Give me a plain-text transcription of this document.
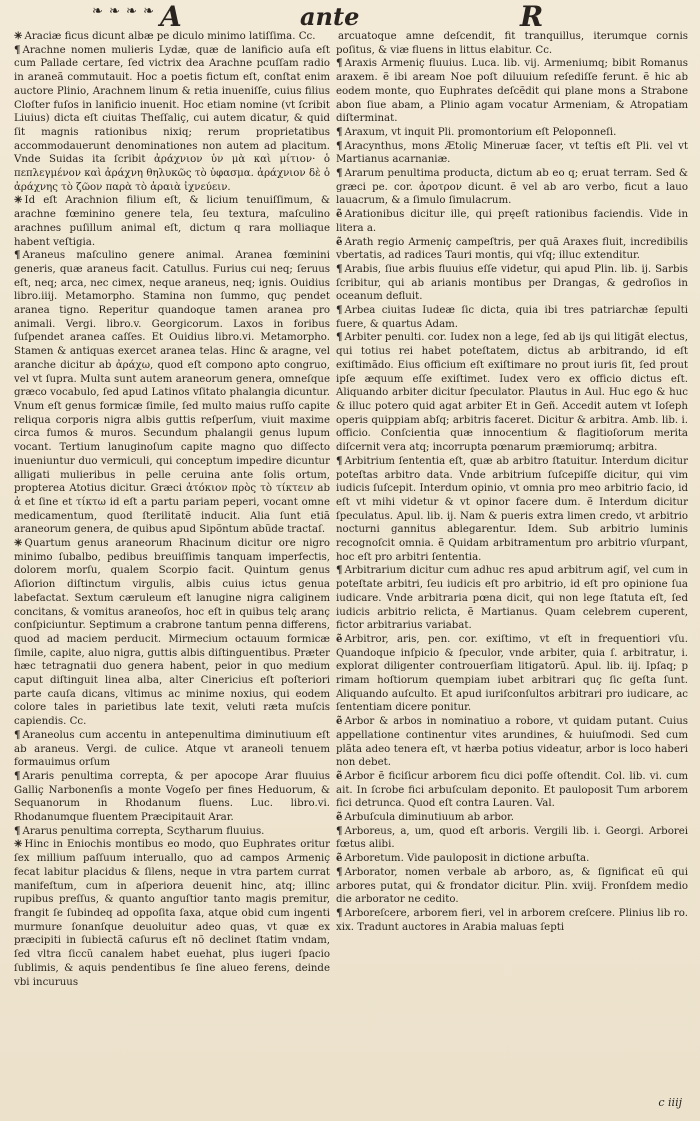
❧ ❧ ❧ ❧ A	ante	R

✳ Araciæ ficus dicunt albæ pe diculo minimo latiſſima. Cc.

¶ Arachne nomen mulieris Lydæ, quæ de lanificio auſa eſt cum Pallade certare, ſed victrix dea Arachne pcuſſam radio in araneã commutauit. Hoc a poetis fictum eſt, conſtat enim auctore Plinio, Arachnem linum & retia inueniſſe, cuius filius Cloſter fuſos in lanificio inuenit. Hoc etiam nomine (vt ſcribit Liuius) dicta eſt ciuitas Theſſaliç, cui autem dicatur, & quid ſit magnis rationibus nixiq; rerum proprietatibus accommodauerunt denominationes non autem ad placitum. Vnde Suidas ita ſcribit ἀράχνιον ὑν μὰ καὶ μίτιον· ὁ πεπλεγμένον καὶ ἀράχνη θηλυκῶς τὸ ὑφασμα. ἀράχνιον δὲ ὁ ἀράχνης τὸ ζῶον παρὰ τὸ ἀραιὰ ἰχνεύειν.

✳ Id eſt Arachnion filium eſt, & licium tenuiſſimum, & arachne fœminino genere tela, ſeu textura, maſculino arachnes puſillum animal eſt, dictum q rara molliaque habent veſtigia.

¶ Araneus maſculino genere animal. Aranea fœminini generis, quæ araneus facit. Catullus. Furius cui neq; ſeruus eſt, neq; arca, nec cimex, neque araneus, neq; ignis. Ouidius libro.iiij. Metamorpho. Stamina non ſummo, quç pendet aranea tigno. Reperitur quandoque tamen aranea pro animali. Vergi. libro.v. Georgicorum. Laxos in foribus ſuſpendet aranea caſſes. Et Ouidius libro.vi. Metamorpho. Stamen & antiquas exercet aranea telas. Hinc & aragne, vel aranche dicitur ab ἀράχω, quod eſt compono apto congruo, vel vt ſupra. Multa sunt autem araneorum genera, omneſque græco vocabulo, ſed apud Latinos vſitato phalangia dicuntur. Vnum eſt genus formicæ ſimile, ſed multo maius ruſſo capite reliqua corporis nigra albis guttis reſperſum, viuit maxime circa fumos & muros. Secundum phalangii genus lupum vocant. Tertium lanuginoſum capite magno quo diſſecto inueniuntur duo vermiculi, qui conceptum impedire dicuntur alligati mulieribus in pelle ceruina ante ſolis ortum, propterea Atotius dicitur. Græci ἀτόκιον πρὸς τὸ τίκτειν ab ἀ et ſine et τίκτω id eſt a partu pariam peperi, vocant omne medicamentum, quod ſterilitatẽ inducit. Alia ſunt etiã araneorum genera, de quibus apud Sipõntum abũde tractaſ.

✳ Quartum genus araneorum Rhacinum dicitur ore nigro minimo ſubalbo, pedibus breuiſſimis tanquam imperfectis, dolorem morſu, qualem Scorpio facit. Quintum genus Aſiorion diſtinctum virgulis, albis cuius ictus genua labefactat. Sextum cæruleum eſt lanugine nigra caliginem concitans, & vomitus araneoſos, hoc eſt in quibus telç aranç conſpiciuntur. Septimum a crabrone tantum penna differens, quod ad maciem perducit. Mirmecium octauum formicæ ſimile, capite, aluo nigra, guttis albis diſtinguentibus. Præter hæc tetragnatii duo genera habent, peior in quo medium caput diſtinguit linea alba, alter Cinericius eſt poſteriori parte cauſa dicans, vltimus ac minime noxius, qui eodem colore tales in parietibus late texit, veluti ræta muſcis capiendis. Cc.

¶ Araneolus cum accentu in antepenultima diminutiuum eſt ab araneus. Vergi. de culice. Atque vt araneoli tenuem formauimus orſum

¶ Araris penultima correpta, & per apocope Arar fluuius Galliç Narbonenſis a monte Vogeſo per fines Heduorum, & Sequanorum in Rhodanum fluens. Luc. libro.vi. Rhodanumque fluentem Præcipitauit Arar.

¶ Ararus penultima correpta, Scytharum fluuius.

✳ Hinc in Eniochis montibus eo modo, quo Euphrates oritur ſex millium paſſuum interuallo, quo ad campos Armeniç fecat labitur placidus & ſilens, neque in vtra partem currat manifeſtum, cum in aſperiora deuenit hinc, atq; illinc rupibus preſſus, & quanto anguſtior tanto magis premitur, frangit ſe ſubindeq ad oppoſita ſaxa, atque obid cum ingenti murmure ſonanſque deuoluitur adeo quas, vt quæ ex præcipiti in ſubiectã caſurus eſt nõ declinet ſtatim vndam, ſed vltra ſiccũ canalem habet euehat, plus iugeri ſpacio ſublimis, & aquis pendentibus ſe ſine alueo ferens, deinde vbi incuruus

arcuatoque amne deſcendit, fit tranquillus, iterumque cornis poſitus, & viæ fluens in littus elabitur. Cc.

¶ Araxis Armeniç fluuius. Luca. lib. vij. Armeniumq; bibit Romanus araxem. ẽ ibi aream Noe poſt diluuium reſediſſe ferunt. ẽ hic ab eodem monte, quo Euphrates deſcẽdit qui plane mons a Strabone abon ſiue abam, a Plinio agam vocatur Armeniam, & Atropatiam diſterminat.

¶ Araxum, vt inquit Pli. promontorium eſt Peloponneſi.

¶ Aracynthus, mons Ætoliç Mineruæ ſacer, vt teſtis eſt Pli. vel vt Martianus acarnaniæ.

¶ Ararum penultima producta, dictum ab eo q; eruat terram. Sed & græci pe. cor. ἀροτρον dicunt. ẽ vel ab aro verbo, ficut a lauo lauacrum, & a ſimulo ſimulacrum.

ẽ Arationibus dicitur ille, qui pręeſt rationibus faciendis. Vide in litera a.

ẽ Arath regio Armeniç campeſtris, per quã Araxes fluit, incredibilis vbertatis, ad radices Tauri montis, qui vſq; illuc extenditur.

¶ Arabis, ſiue arbis fluuius eſſe videtur, qui apud Plin. lib. ij. Sarbis ſcribitur, qui ab arianis montibus per Drangas, & gedroſios in oceanum defluit.

¶ Arbea ciuitas Iudeæ ſic dicta, quia ibi tres patriarchæ ſepulti fuere, & quartus Adam.

¶ Arbiter penulti. cor. Iudex non a lege, ſed ab ijs qui litigãt electus, qui totius rei habet poteſtatem, dictus ab arbitrando, id eſt exiſtimãdo. Eius officium eſt exiſtimare no prout iuris ſit, ſed prout ipſe æquum eſſe exiſtimet. Iudex vero ex officio dictus eſt. Aliquando arbiter dicitur ſpeculator. Plautus in Aul. Huc ego & huc & illuc potero quid agat arbiter Et in Geñ. Accedit autem vt Ioſeph operis quippiam abſq; arbitris faceret. Dicitur & arbitra. Amb. lib. i. officio. Conſcientia quæ innocentium & flagitioſorum merita diſcernit vera atq; incorrupta pœnarum præmiorumq; arbitra.

¶ Arbitrium ſententia eſt, quæ ab arbitro ſtatuitur. Interdum dicitur poteſtas arbitro data. Vnde arbitrium ſuſcepiſſe dicitur, qui vim iudicis ſuſcepit. Interdum opinio, vt omnia pro meo arbitrio facio, id eſt vt mihi videtur & vt opinor facere dum. ẽ Interdum dicitur ſpeculatus. Apul. lib. ij. Nam & pueris extra limen credo, vt arbitrio nocturni gannitus ablegarentur. Idem. Sub arbitrio luminis recognoſcit omnia. ẽ Quidam arbitramentum pro arbitrio vſurpant, hoc eſt pro arbitri ſententia.

¶ Arbitrarium dicitur cum adhuc res apud arbitrum agiſ, vel cum in poteſtate arbitri, ſeu iudicis eſt pro arbitrio, id eſt pro opinione ſua iudicare. Vnde arbitraria pœna dicit, qui non lege ſtatuta eſt, ſed iudicis arbitrio relicta, ẽ Martianus. Quam celebrem cuperent, fictor arbitrarius variabat.

ẽ Arbitror, aris, pen. cor. exiſtimo, vt eſt in frequentiori vſu. Quandoque inſpicio & ſpeculor, vnde arbiter, quia ſ. arbitratur, i. explorat diligenter controuerſiam litigatorũ. Apul. lib. iij. Ipſaq; p rimam hoſtiorum quempiam iubet arbitrari quç ſic geſta ſunt. Aliquando auſculto. Et apud iuriſconſultos arbitrari pro iudicare, ac ſententiam dicere ponitur.

ẽ Arbor & arbos in nominatiuo a robore, vt quidam putant. Cuius appellatione continentur vites arundines, & huiuſmodi. Sed cum plãta adeo tenera eſt, vt hærba potius videatur, arbor is loco haberi non debet.

ẽ Arbor ẽ ficiſicur arborem ficu dici poſſe oſtendit. Col. lib. vi. cum ait. In ſcrobe fici arbuſculam deponito. Et pauloposit Tum arborem fici detrunca. Quod eſt contra Lauren. Val.

ẽ Arbuſcula diminutiuum ab arbor.

¶ Arboreus, a, um, quod eſt arboris. Vergili lib. i. Georgi. Arborei fœtus alibi.

ẽ Arboretum. Vide pauloposit in dictione arbuſta.

¶ Arborator, nomen verbale ab arboro, as, & ſignificat eũ qui arbores putat, qui & frondator dicitur. Plin. xviij. Fronſdem medio die arborator ne cedito.

¶ Arboreſcere, arborem fieri, vel in arborem creſcere. Plinius lib ro. xix. Tradunt auctores in Arabia maluas ſepti

c iiij
